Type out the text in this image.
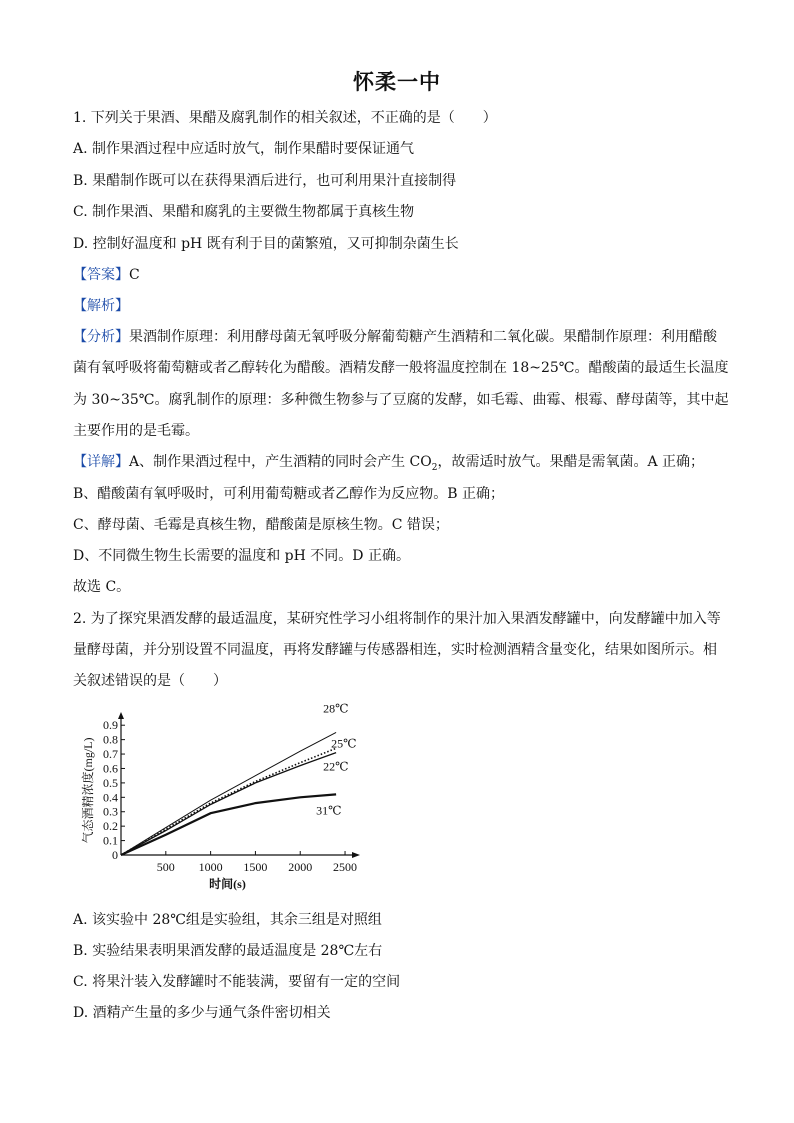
怀柔一中
1. 下列关于果酒、果醋及腐乳制作的相关叙述，不正确的是（　　）
A. 制作果酒过程中应适时放气，制作果醋时要保证通气
B. 果醋制作既可以在获得果酒后进行，也可利用果汁直接制得
C. 制作果酒、果醋和腐乳的主要微生物都属于真核生物
D. 控制好温度和 pH 既有利于目的菌繁殖，又可抑制杂菌生长
【答案】C
【解析】
【分析】果酒制作原理：利用酵母菌无氧呼吸分解葡萄糖产生酒精和二氧化碳。果醋制作原理：利用醋酸
菌有氧呼吸将葡萄糖或者乙醇转化为醋酸。酒精发酵一般将温度控制在 18~25℃。醋酸菌的最适生长温度
为 30~35℃。腐乳制作的原理：多种微生物参与了豆腐的发酵，如毛霉、曲霉、根霉、酵母菌等，其中起
主要作用的是毛霉。
【详解】A、制作果酒过程中，产生酒精的同时会产生 $CO_2$，故需适时放气。果醋是需氧菌。A 正确；
B、醋酸菌有氧呼吸时，可利用葡萄糖或者乙醇作为反应物。B 正确；
C、酵母菌、毛霉是真核生物，醋酸菌是原核生物。C 错误；
D、不同微生物生长需要的温度和 pH 不同。D 正确。
故选 C。
2. 为了探究果酒发酵的最适温度，某研究性学习小组将制作的果汁加入果酒发酵罐中，向发酵罐中加入等
量酵母菌，并分别设置不同温度，再将发酵罐与传感器相连，实时检测酒精含量变化，结果如图所示。相
关叙述错误的是（　　）
0.1
0.2
0.3
0.4
0.5
0.6
0.7
0.8
0.9
0
500 1000 1500 2000 2500
时间(s)
气态酒精浓度(mg/L)
28℃
25℃
22℃
31℃
A. 该实验中 28℃组是实验组，其余三组是对照组
B. 实验结果表明果酒发酵的最适温度是 28℃左右
C. 将果汁装入发酵罐时不能装满，要留有一定的空间
D. 酒精产生量的多少与通气条件密切相关
